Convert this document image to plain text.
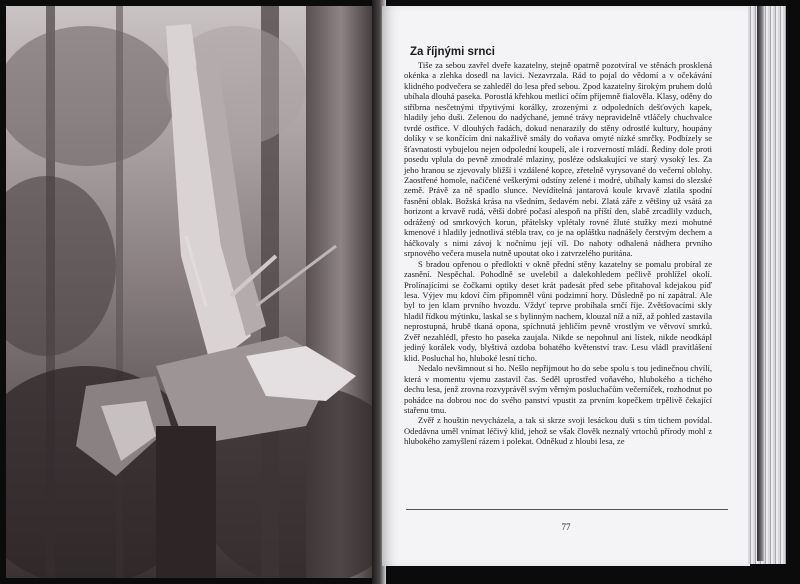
Za říjnými srnci

Tiše za sebou zavřel dveře kazatelny, stejně opatrně pozotvíral ve stěnách prosklená okénka a zlehka dosedl na lavici. Nezavrzala. Rád to pojal do vědomí a v očekávání klidného podvečera se zahleděl do lesa před sebou. Zpod kazatelny širokým pruhem dolů ubíhala dlouhá paseka. Porostlá křehkou metlicí očím příjemně fialověla. Klasy, oděny do stříbrna nesčetnými třpytivými korálky, zrozenými z odpoledních dešťových kapek, hladily jeho duši. Zelenou do nadýchané, jemné trávy nepravidelně vtláčely chuchvalce tvrdé ostřice. V dlouhých řadách, dokud nenarazily do stěny odrostlé kultury, houpány dolíky v se končícím dni nakažlivě smály do voňava omyté nízké smrčky. Podbízely se šťavnatosti vybujelou nejen odpolední koupelí, ale i rozverností mládí. Řediny dole proti posedu vplula do pevně zmodralé mlaziny, posléze odskakující ve starý vysoký les. Za jeho hranou se zjevovaly bližší i vzdálené kopce, zřetelně vyrysované do večerní oblohy. Zaostřené homole, načičené veškerými odstíny zelené i modré, ubíhaly kamsi do slezské země. Právě za ně spadlo slunce. Nevídítelná jantarová koule krvavě zlatila spodní řasnění oblak. Božská krása na všedním, šedavém nebi. Zlatá záře z většiny už vsátá za horizont a krvavě rudá, větší dobré počasí alespoň na příští den, slabě zrcadlily vzduch, odrážený od smrkových korun, přátelsky vplétaly rovné žluté stužky mezi mohutné kmenové i hladily jednotlivá stébla trav, co je na opláštku nadnášely čerstvým dechem a háčkovaly s nimi závoj k nočnímu její víl. Do nahoty odhalená nádhera prvního srpnového večera musela nutně upoutat oko i zatvrzelého puritána.

S bradou opřenou o předloktí v okně přední stěny kazatelny se pomalu probíral ze zasnění. Nespěchal. Pohodlně se uvelebil a dalekohledem pečlivě prohlížel okolí. Prolínajícími se čočkami optiky deset krát padesát před sebe přitahoval kdejakou píď lesa. Výjev mu kdoví čím připomněl vůni podzimní hory. Důsledně po ní zapátral. Ale byl to jen klam prvního hvozdu. Vždyť teprve probíhala srnčí říje. Zvětšovacími skly hladil řídkou mýtinku, laskal se s bylinným nachem, klouzal níž a níž, až pohled zastavila neprostupná, hrubě tkaná opona, spíchnutá jehličím pevně vrostlým ve větvoví smrků. Zvěř nezahlédl, přesto ho paseka zaujala. Nikde se nepohnul ani lístek, nikde neodkápl jediný korálek vody, blyštivá ozdoba bohatého květenství trav. Lesu vládl pravítlášení klid. Posluchal ho, hluboké lesní ticho.

Nedalo nevšimnout si ho. Nešlo nepřijmout ho do sebe spolu s tou jedinečnou chvílí, která v momentu vjemu zastavil čas. Seděl uprostřed voňavého, hlubokého a tichého dechu lesa, jenž zrovna rozvyprávěl svým věrným posluchačům večerníček, rozhodnut po pohádce na dobrou noc do svého panství vpustit za prvním kopečkem trpělivě čekající stařenu tmu.

Zvěř z houštin nevycházela, a tak si skrze svoji lesáckou duši s tím tichem povídal. Odedávna uměl vnímat léčivý klid, jehož se však člověk neznalý vrtochů přírody mohl z hlubokého zamyšlení rázem i polekat. Odněkud z hloubi lesa, ze

77
